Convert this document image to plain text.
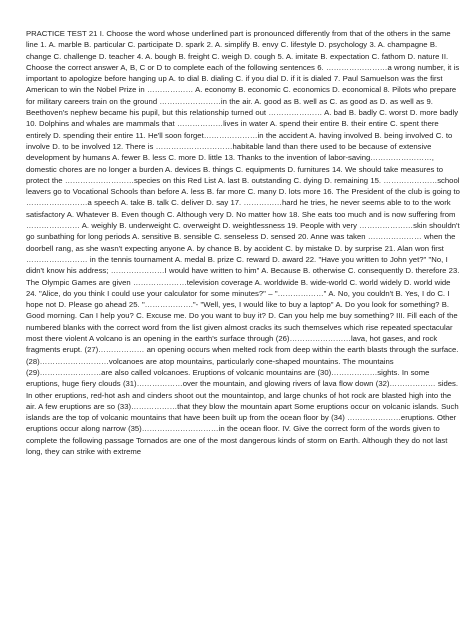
PRACTICE TEST 21 I. Choose the word whose underlined part is pronounced differently from that of the others in the same line 1. A. marble B. particular C. participate D. spark 2. A. simplify B. envy C. lifestyle D. psychology 3. A. champagne B. change C. challenge D. teacher 4. A. bough B. freight C. weigh D. cough 5. A. imitate B. expectation C. fathom D. nature II. Choose the correct answer A, B, C or D to complete each of the following sentences 6. ……………………a wrong number, it is important to apologize before hanging up A. to dial B. dialing C. if you dial D. if it is dialed 7. Paul Samuelson was the first American to win the Nobel Prize in ……………… A. economy B. economic C. economics D. economical 8. Pilots who prepare for military careers train on the ground ……………………in the air. A. good as B. well as C. as good as D. as well as 9. Beethoven's nephew became his pupil, but this relationship turned out ………………… A. bad B. badly C. worst D. more badly 10. Dolphins and whales are mammals that ………………lives in water A. spend their entire B. their entire C. spent there entirely D. spending their entire 11. He'll soon forget…………………in the accident A. having involved B. being involved C. to involve D. to be involved 12. There is …………………………habitable land than there used to be because of extensive development by humans A. fewer B. less C. more D. little 13. Thanks to the invention of labor-saving……………………, domestic chores are no longer a burden A. devices B. things C. equipments D. furnitures 14. We should take measures to protect the ………………………species on this Red List A. last B. outstanding C. dying D. remaining 15. …………………school leavers go to Vocational Schools than before A. less B. far more C. many D. lots more 16. The President of the club is going to ……………………a speech A. take B. talk C. deliver D. say 17. ……………hard he tries, he never seems able to to the work satisfactory A. Whatever B. Even though C. Although very D. No matter how 18. She eats too much and is now suffering from ………………… A. weighly B. underweight C. overweight D. weightlessness 19. People with very …………………skin shouldn't go sunbathing for long periods A. sensitive B. sensible C. senseless D. sensed 20. Anne was taken ………………… when the doorbell rang, as she wasn't expecting anyone A. by chance B. by accident C. by mistake D. by surprise 21. Alan won first …………………… in the tennis tournament A. medal B. prize C. reward D. award 22. "Have you written to John yet?" "No, I didn't know his address; …………………I would have written to him" A. Because B. otherwise C. consequently D. therefore 23. The Olympic Games are given …………………television coverage A. worldwide B. wide-world C. world widely D. world wide 24. "Alice, do you think I could use your calculator for some minutes?" – "………………" A. No, you couldn't B. Yes, I do C. I hope not D. Please go ahead 25. "………………."- "Well, yes, I would like to buy a laptop" A. Do you look for something? B. Good morning. Can I help you? C. Excuse me. Do you want to buy it? D. Can you help me buy something? III. Fill each of the numbered blanks with the correct word from the list given almost cracks its such themselves which rise repeated spectacular most there violent A volcano is an opening in the earth's surface through (26)……………………lava, hot gases, and rock fragments erupt. (27)……………… an opening occurs when melted rock from deep within the earth blasts through the surface. (28)………………………volcanoes are atop mountains, particularly cone-shaped mountains. The mountains (29)……………………are also called volcanoes. Eruptions of volcanic mountains are (30)………………sights. In some eruptions, huge fiery clouds (31)………………over the mountain, and glowing rivers of lava flow down (32)……………… sides. In other eruptions, red-hot ash and cinders shoot out the mountaintop, and large chunks of hot rock are blasted high into the air. A few eruptions are so (33)………………that they blow the mountain apart Some eruptions occur on volcanic islands. Such islands are the top of volcanic mountains that have been built up from the ocean floor by (34) …………………eruptions. Other eruptions occur along narrow (35)…………………………in the ocean floor. IV. Give the correct form of the words given to complete the following passage Tornados are one of the most dangerous kinds of storm on Earth. Although they do not last long, they can strike with extreme
